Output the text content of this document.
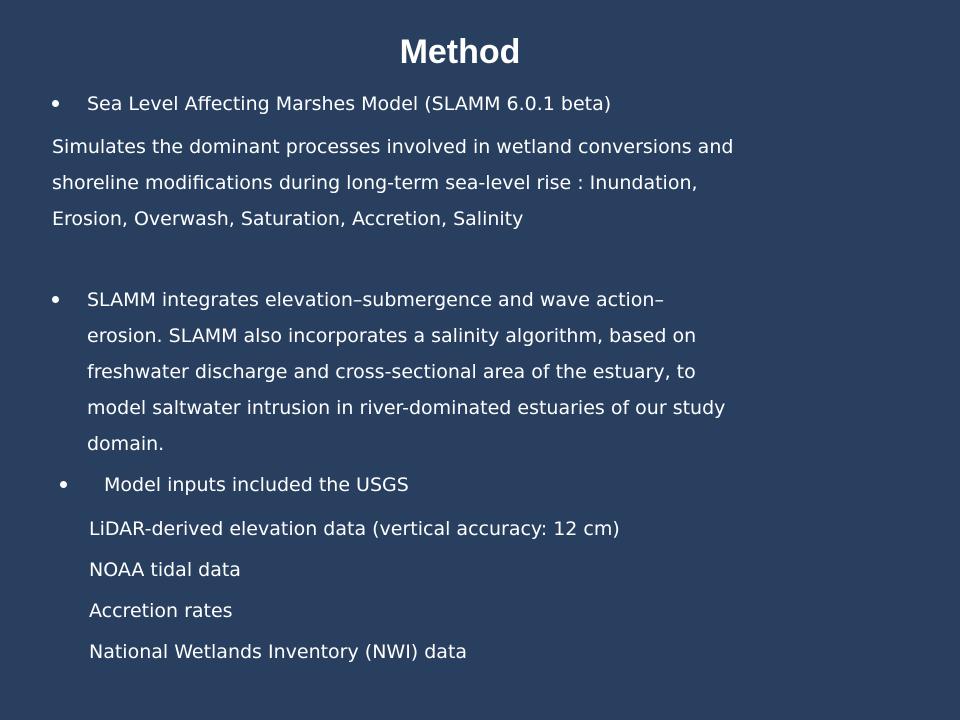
Method
Sea Level Affecting Marshes Model (SLAMM 6.0.1 beta)
Simulates the dominant processes involved in wetland conversions and
shoreline modifications during long-term sea-level rise : Inundation,
Erosion, Overwash, Saturation, Accretion, Salinity
SLAMM integrates elevation–submergence and wave action–
erosion. SLAMM also incorporates a salinity algorithm, based on
freshwater discharge and cross-sectional area of the estuary, to
model saltwater intrusion in river-dominated estuaries of our study
domain.
Model inputs included the USGS
LiDAR-derived elevation data (vertical accuracy: 12 cm)
NOAA tidal data
Accretion rates
National Wetlands Inventory (NWI) data
